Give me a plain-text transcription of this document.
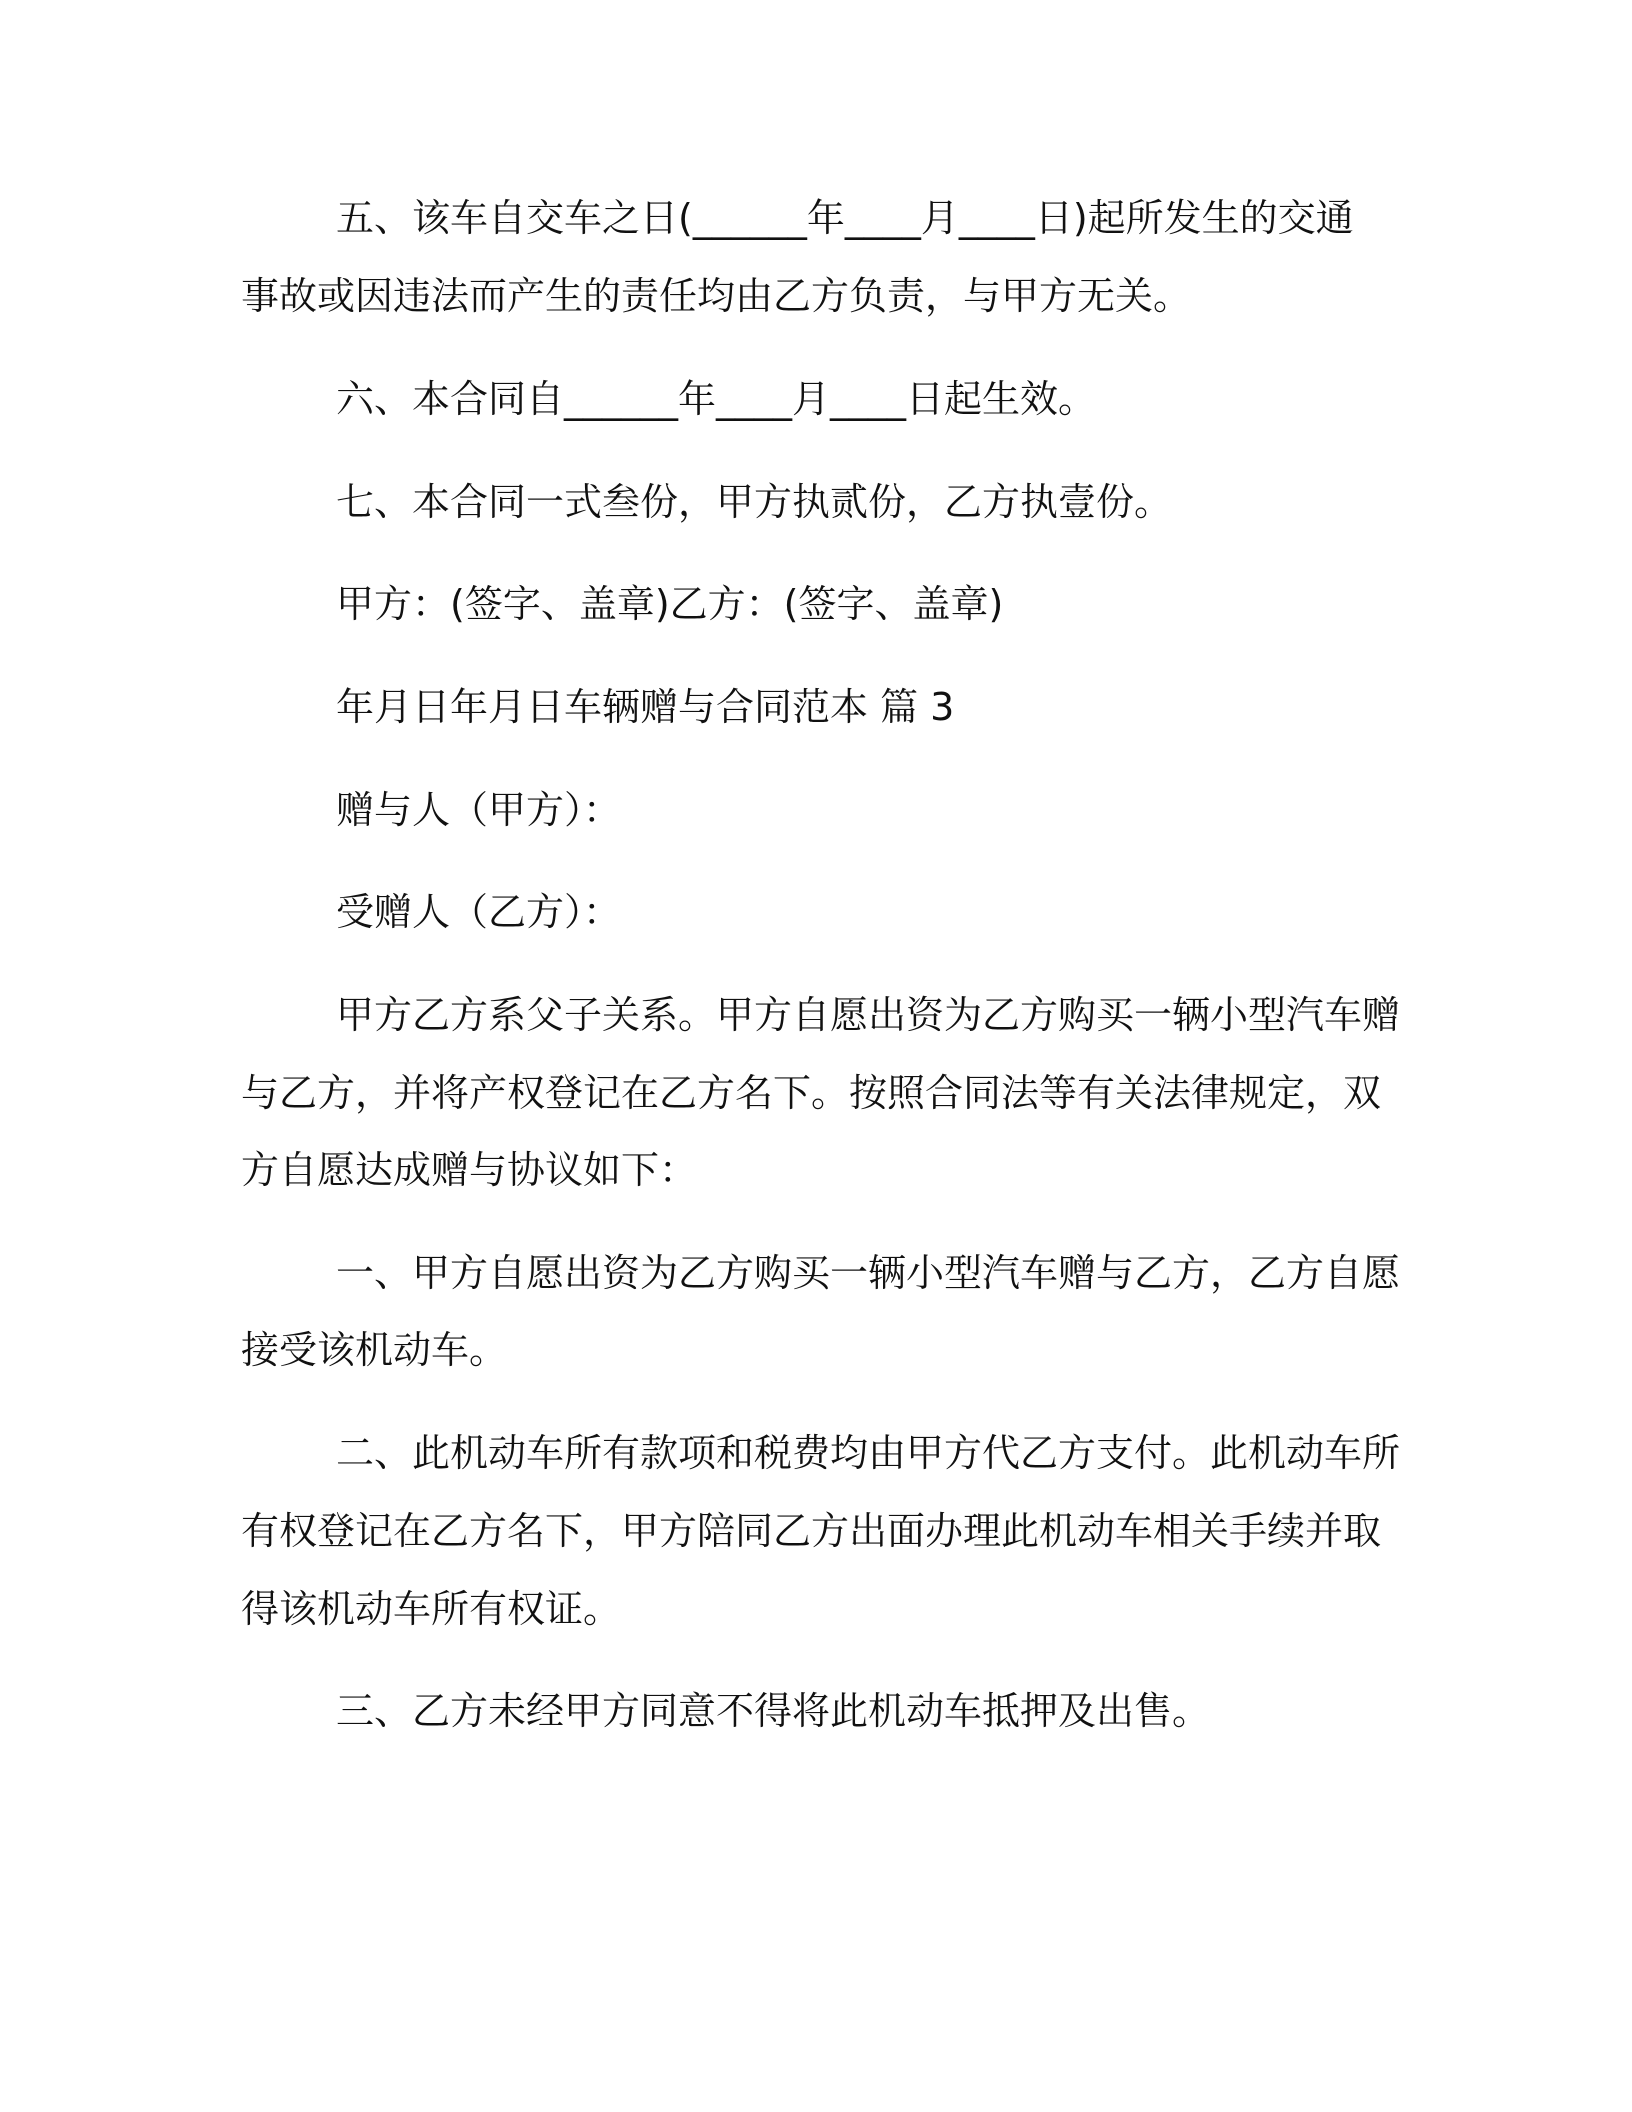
五、该车自交车之日(______年____月____日)起所发生的交通

事故或因违法而产生的责任均由乙方负责，与甲方无关。

六、本合同自______年____月____日起生效。

七、本合同一式叁份，甲方执贰份，乙方执壹份。

甲方：(签字、盖章)乙方：(签字、盖章)

年月日年月日车辆赠与合同范本 篇 3

赠与人（甲方）：

受赠人（乙方）：

甲方乙方系父子关系。甲方自愿出资为乙方购买一辆小型汽车赠

与乙方，并将产权登记在乙方名下。按照合同法等有关法律规定，双

方自愿达成赠与协议如下：

一、甲方自愿出资为乙方购买一辆小型汽车赠与乙方，乙方自愿

接受该机动车。

二、此机动车所有款项和税费均由甲方代乙方支付。此机动车所

有权登记在乙方名下，甲方陪同乙方出面办理此机动车相关手续并取

得该机动车所有权证。

三、乙方未经甲方同意不得将此机动车抵押及出售。
